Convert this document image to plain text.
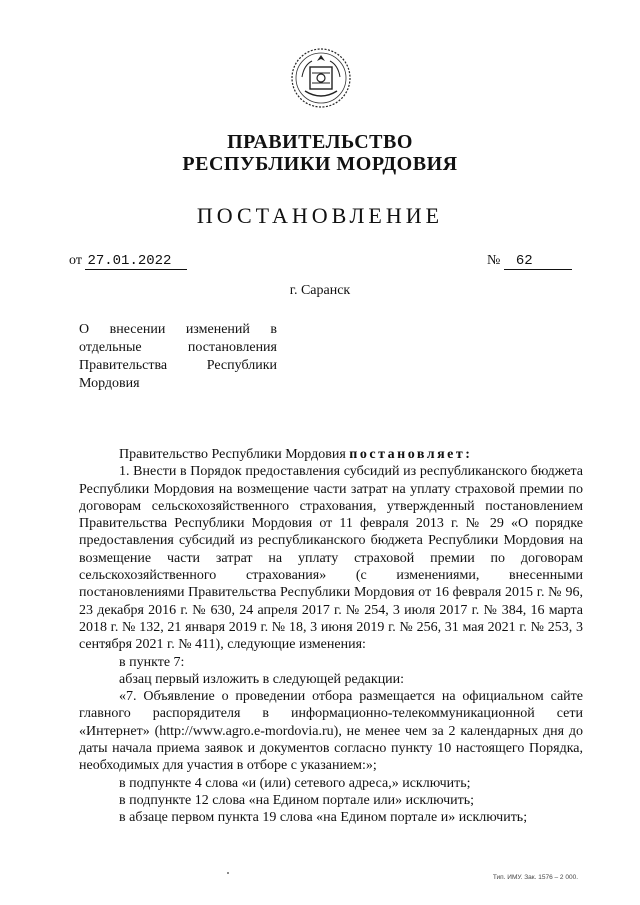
ПРАВИТЕЛЬСТВО
РЕСПУБЛИКИ МОРДОВИЯ
ПОСТАНОВЛЕНИЕ
от 27.01.2022	№ 62
г. Саранск
О внесении изменений в
отдельные	постановления
Правительства	Республики
Мордовия

Правительство Республики Мордовия постановляет:

1. Внести в Порядок предоставления субсидий из республиканского бюджета Республики Мордовия на возмещение части затрат на уплату страховой премии по договорам сельскохозяйственного страхования, утвержденный постановлением Правительства Республики Мордовия от 11 февраля 2013 г. № 29 «О порядке предоставления субсидий из республиканского бюджета Республики Мордовия на возмещение части затрат на уплату страховой премии по договорам сельскохозяйственного страхования» (с изменениями, внесенными постановлениями Правительства Республики Мордовия от 16 февраля 2015 г. № 96, 23 декабря 2016 г. № 630, 24 апреля 2017 г. № 254, 3 июля 2017 г. № 384, 16 марта 2018 г. № 132, 21 января 2019 г. № 18, 3 июня 2019 г. № 256, 31 мая 2021 г. № 253, 3 сентября 2021 г. № 411), следующие изменения:

в пункте 7:

абзац первый изложить в следующей редакции:

«7. Объявление о проведении отбора размещается на официальном сайте главного распорядителя в информационно-телекоммуникационной сети «Интернет» (http://www.agro.e-mordovia.ru), не менее чем за 2 календарных дня до даты начала приема заявок и документов согласно пункту 10 настоящего Порядка, необходимых для участия в отборе с указанием:»;

в подпункте 4 слова «и (или) сетевого адреса,» исключить;

в подпункте 12 слова «на Едином портале или» исключить;

в абзаце первом пункта 19 слова «на Едином портале и» исключить;

Тип. ИМУ. Зак. 1576 – 2 000.
